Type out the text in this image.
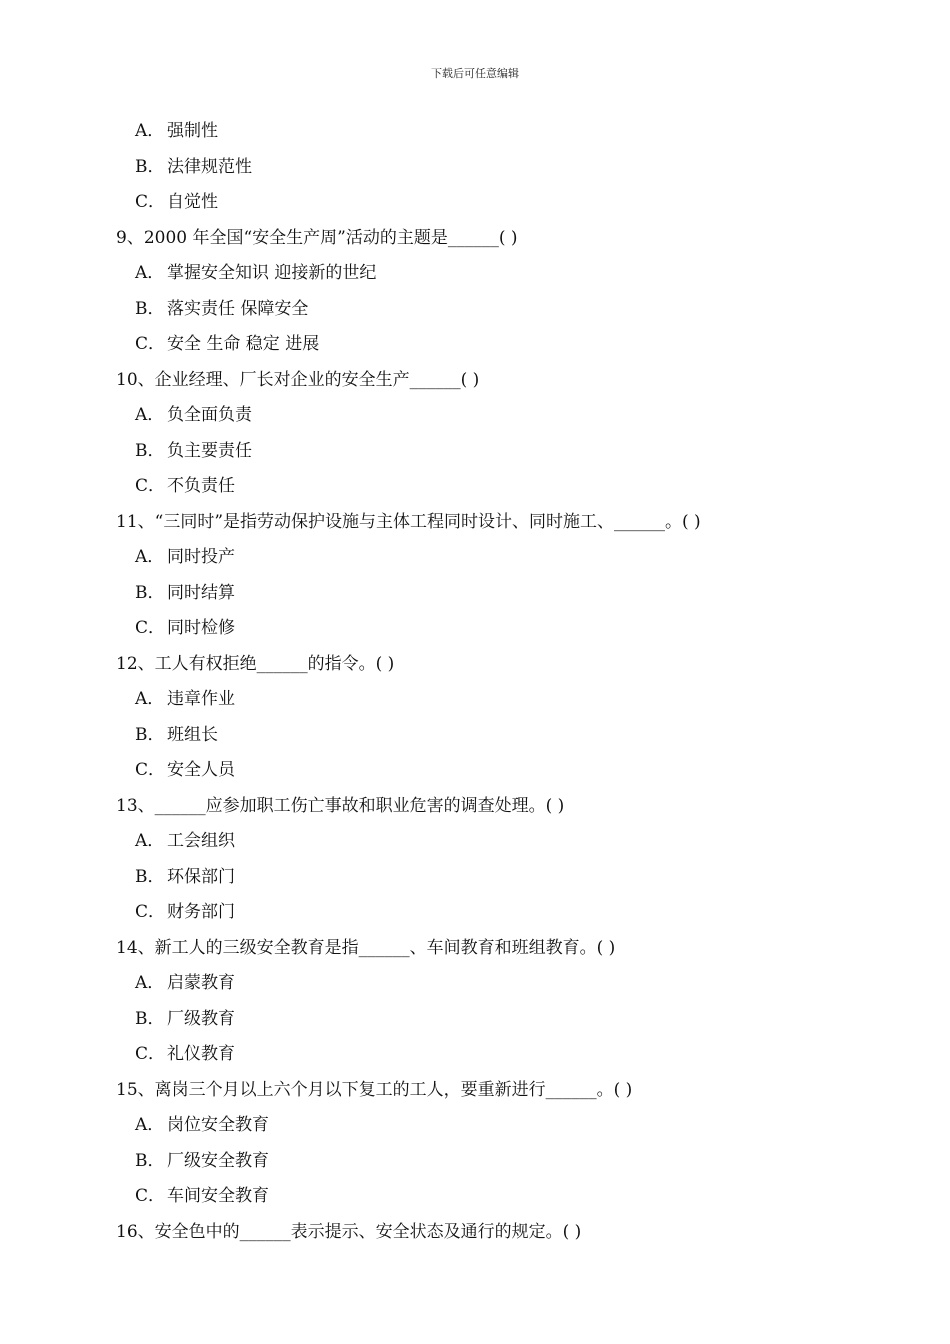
下载后可任意编辑
A． 强制性
B． 法律规范性
C． 自觉性
9、2000 年全国“安全生产周”活动的主题是______( )
A． 掌握安全知识 迎接新的世纪
B． 落实责任 保障安全
C． 安全 生命 稳定 进展
10、企业经理、厂长对企业的安全生产______( )
A． 负全面负责
B． 负主要责任
C． 不负责任
11、“三同时”是指劳动保护设施与主体工程同时设计、同时施工、______。( )
A． 同时投产
B． 同时结算
C． 同时检修
12、工人有权拒绝______的指令。( )
A． 违章作业
B． 班组长
C． 安全人员
13、______应参加职工伤亡事故和职业危害的调查处理。( )
A． 工会组织
B． 环保部门
C． 财务部门
14、新工人的三级安全教育是指______、车间教育和班组教育。( )
A． 启蒙教育
B． 厂级教育
C． 礼仪教育
15、离岗三个月以上六个月以下复工的工人，要重新进行______。( )
A． 岗位安全教育
B． 厂级安全教育
C． 车间安全教育
16、安全色中的______表示提示、安全状态及通行的规定。( )
